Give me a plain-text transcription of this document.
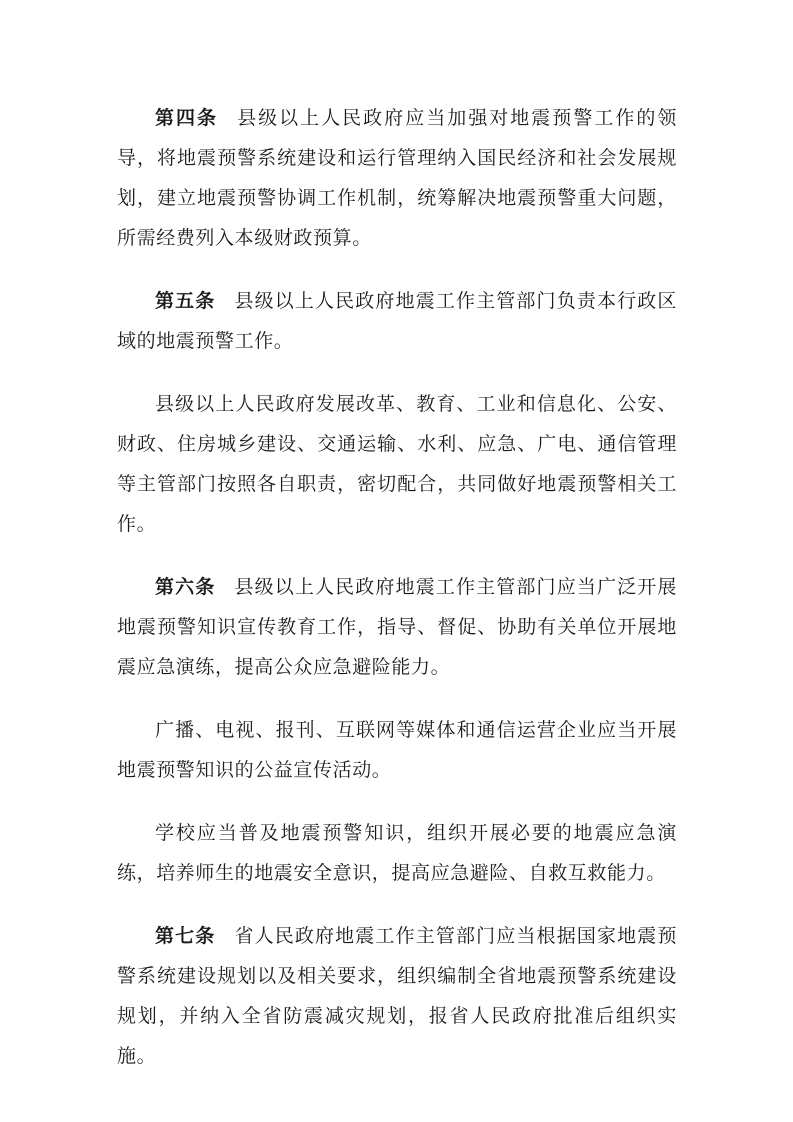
第四条 县级以上人民政府应当加强对地震预警工作的领导，将地震预警系统建设和运行管理纳入国民经济和社会发展规划，建立地震预警协调工作机制，统筹解决地震预警重大问题，所需经费列入本级财政预算。

第五条 县级以上人民政府地震工作主管部门负责本行政区域的地震预警工作。

县级以上人民政府发展改革、教育、工业和信息化、公安、财政、住房城乡建设、交通运输、水利、应急、广电、通信管理等主管部门按照各自职责，密切配合，共同做好地震预警相关工作。

第六条 县级以上人民政府地震工作主管部门应当广泛开展地震预警知识宣传教育工作，指导、督促、协助有关单位开展地震应急演练，提高公众应急避险能力。

广播、电视、报刊、互联网等媒体和通信运营企业应当开展地震预警知识的公益宣传活动。

学校应当普及地震预警知识，组织开展必要的地震应急演练，培养师生的地震安全意识，提高应急避险、自救互救能力。

第七条 省人民政府地震工作主管部门应当根据国家地震预警系统建设规划以及相关要求，组织编制全省地震预警系统建设规划，并纳入全省防震减灾规划，报省人民政府批准后组织实施。
